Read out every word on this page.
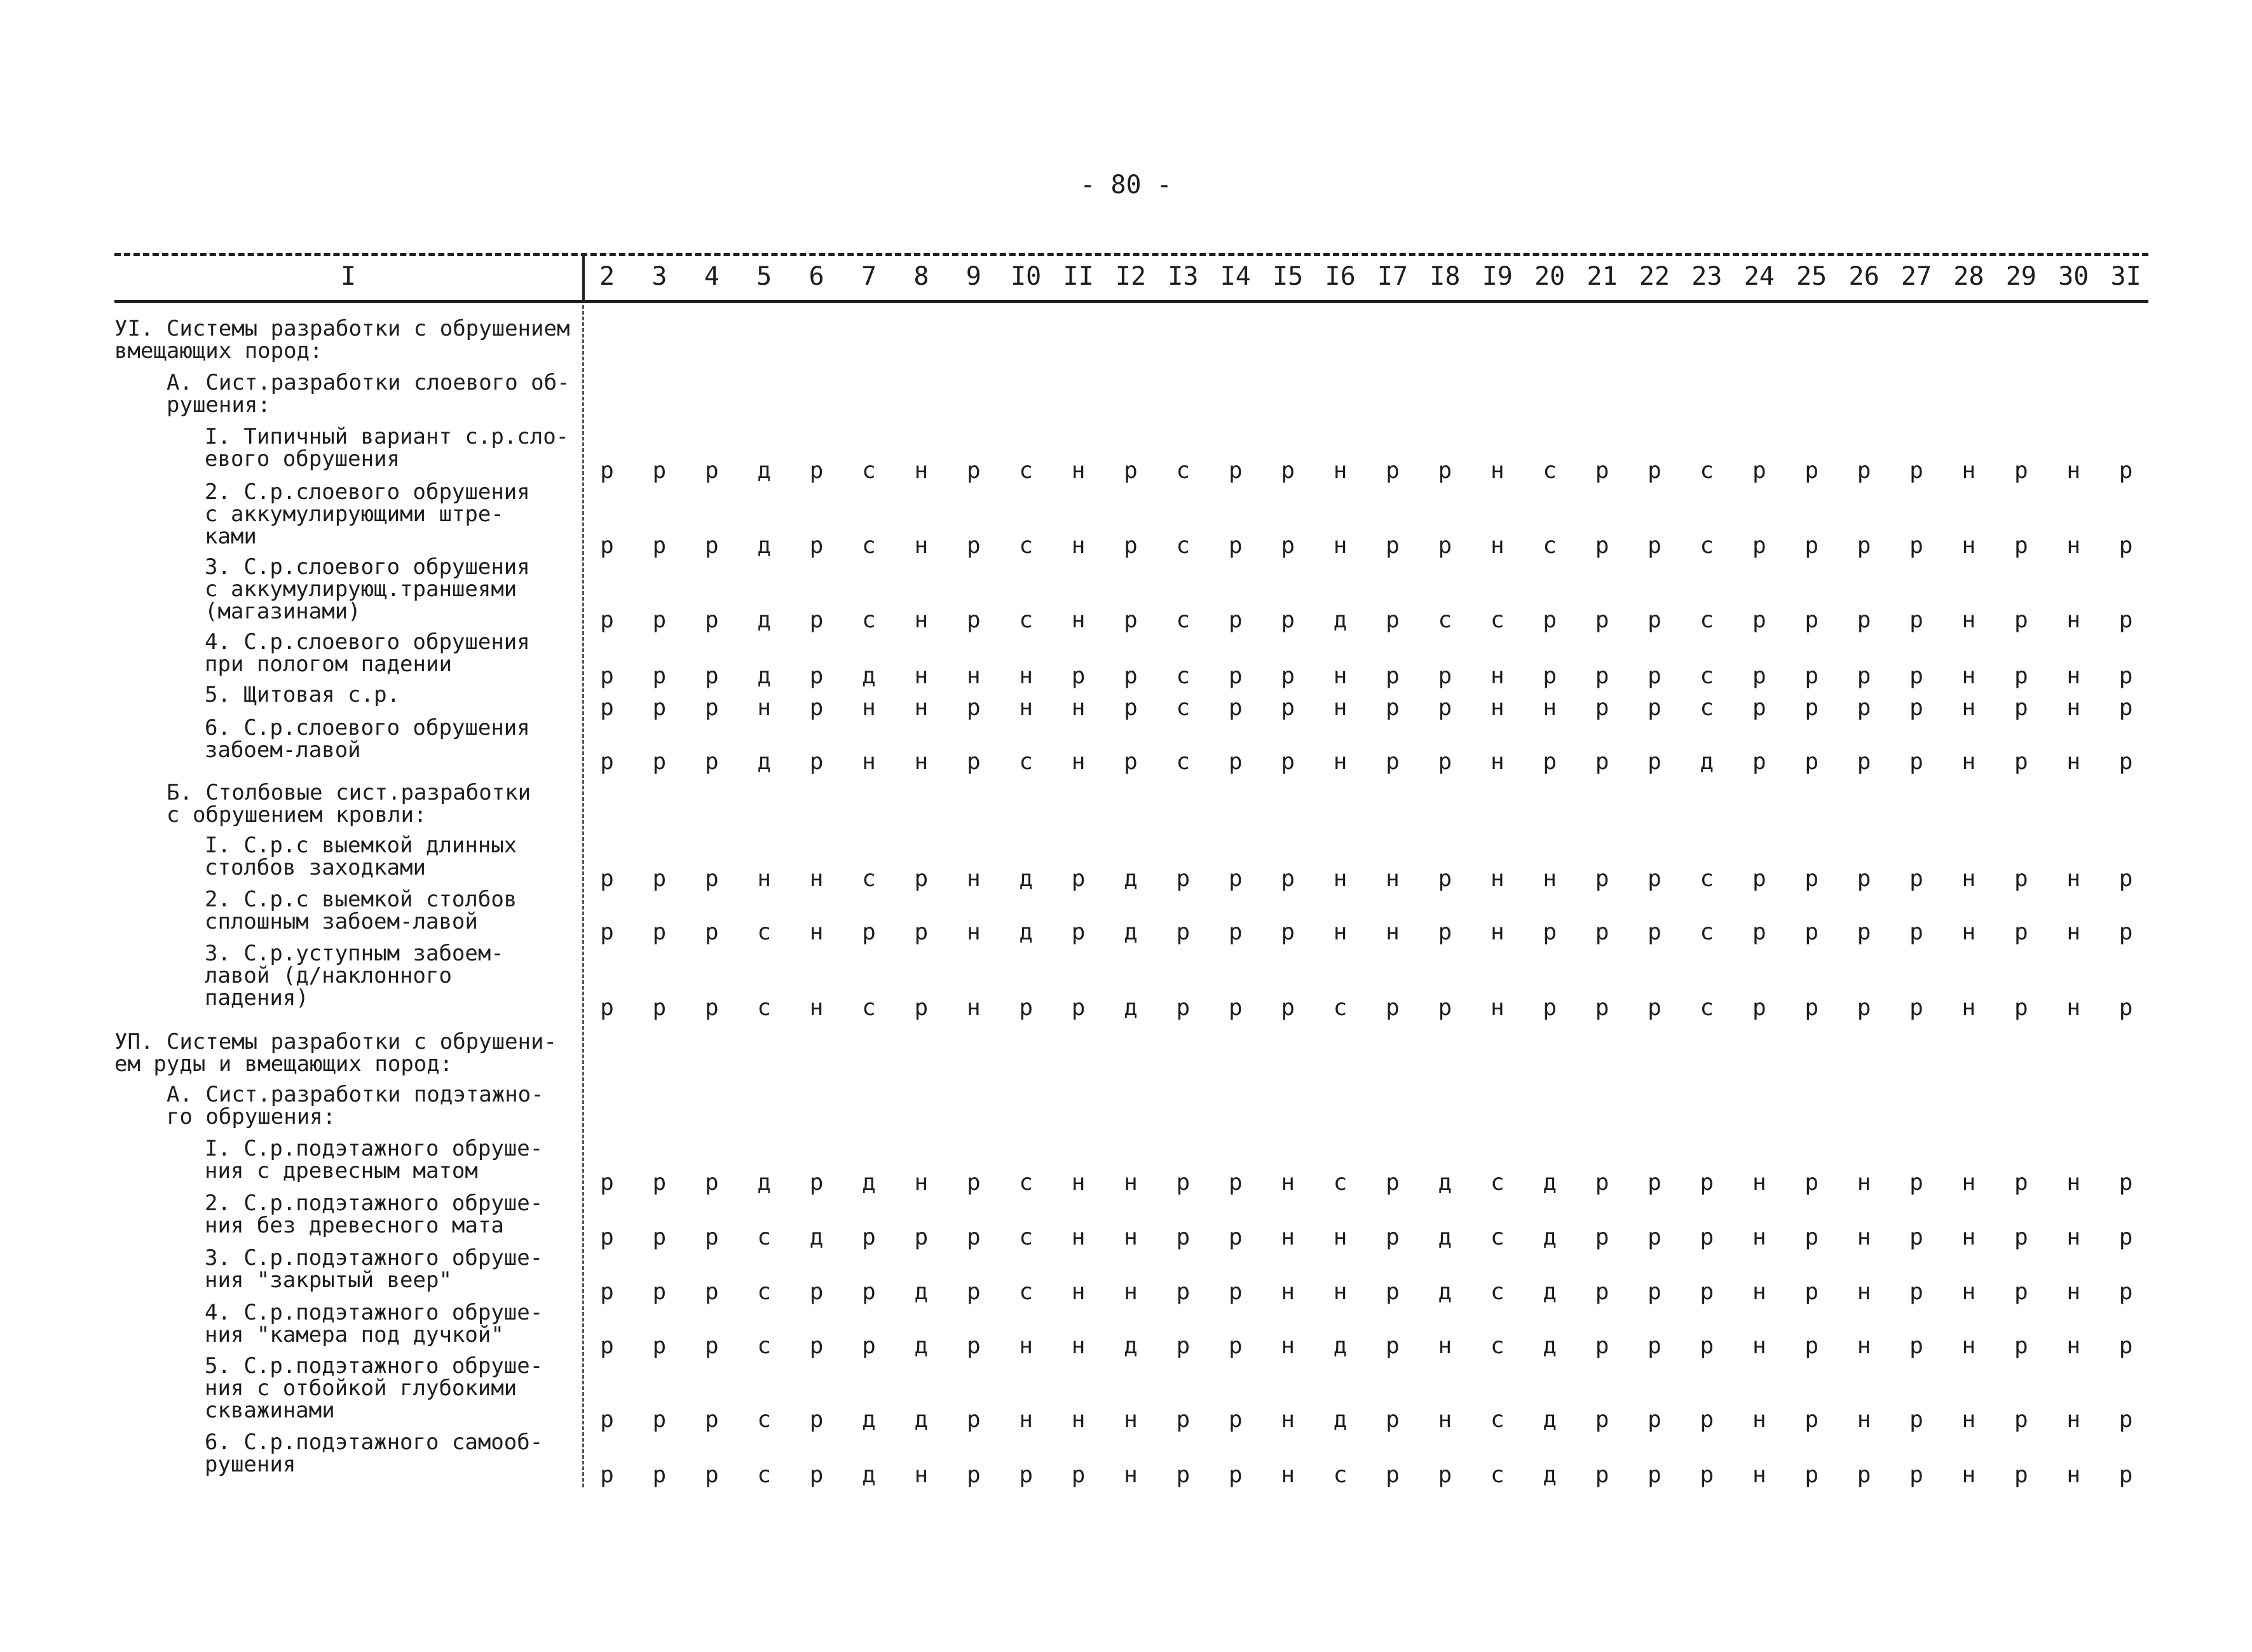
- 80 -
I	2	3	4	5	6	7	8	9	I0 II I2 I3 I4 I5 I6 I7 I8 I9 20 21 22 23 24 25 26 27 28 29 30 3I
УI. Системы разработки с обрушением
вмещающих пород:
А. Сист.разработки слоевого об-
рушения:
I. Типичный вариант с.р.сло-
евого обрушения	р р р д р с н р с н р с р р н р р н с р р с р р р р н р н р
2. С.р.слоевого обрушения
с аккумулирующими штре-
ками	р р р д р с н р с н р с р р н р р н с р р с р р р р н р н р
3. С.р.слоевого обрушения
с аккумулирующ.траншеями
(магазинами)	р р р д р с н р с н р с р р д р с с р р р с р р р р н р н р
4. С.р.слоевого обрушения
при пологом падении	р р р д р д н н н р р с р р н р р н р р р с р р р р н р н р
5. Щитовая с.р.	р р р н р н н р н н р с р р н р р н н р р с р р р р н р н р
6. С.р.слоевого обрушения
забоем-лавой	р р р д р н н р с н р с р р н р р н р р р д р р р р н р н р
Б. Столбовые сист.разработки
с обрушением кровли:
I. С.р.с выемкой длинных
столбов заходками	р р р н н с р н д р д р р р н н р н н р р с р р р р н р н р
2. С.р.с выемкой столбов
сплошным забоем-лавой	р р р с н р р н д р д р р р н н р н р р р с р р р р н р н р
3. С.р.уступным забоем-
лавой (д/наклонного
падения)	р р р с н с р н р р д р р р с р р н р р р с р р р р н р н р
УП. Системы разработки с обрушени-
ем руды и вмещающих пород:
А. Сист.разработки подэтажно-
го обрушения:
I. С.р.подэтажного обруше-
ния с древесным матом	р р р д р д н р с н н р р н с р д с д р р р н р н р н р н р
2. С.р.подэтажного обруше-
ния без древесного мата	р р р с д р р р с н н р р н н р д с д р р р н р н р н р н р
3. С.р.подэтажного обруше-
ния "закрытый веер"	р р р с р р д р с н н р р н н р д с д р р р н р н р н р н р
4. С.р.подэтажного обруше-
ния "камера под дучкой"	р р р с р р д р н н д р р н д р н с д р р р н р н р н р н р
5. С.р.подэтажного обруше-
ния с отбойкой глубокими
скважинами	р р р с р д д р н н н р р н д р н с д р р р н р н р н р н р
6. С.р.подэтажного самооб-
рушения	р р р с р д н р р р н р р н с р р с д р р р н р р р н р н р
